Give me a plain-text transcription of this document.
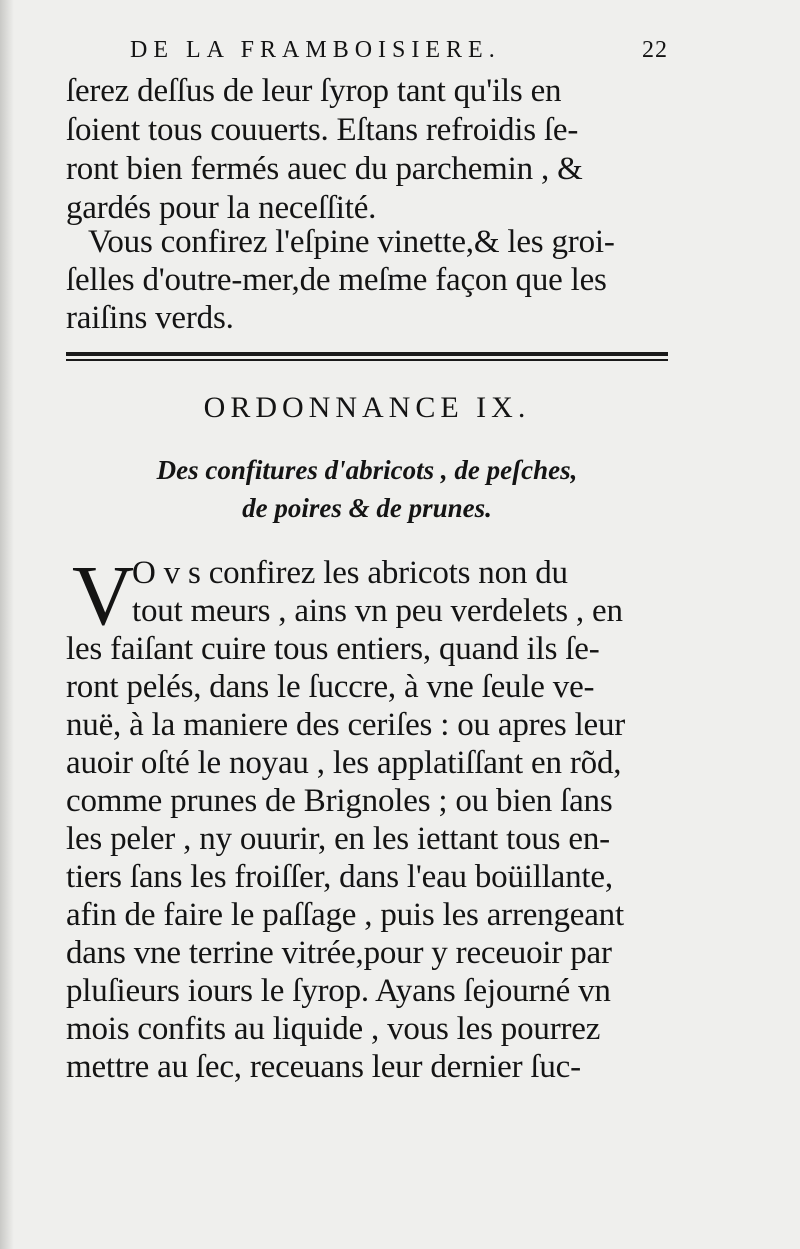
DE LA FRAMBOISIERE.	22
ſerez deſſus de leur ſyrop tant qu'ils en
ſoient tous couuerts. Eſtans refroidis ſe-
ront bien fermés auec du parchemin , &
gardés pour la neceſſité.
Vous confirez l'eſpine vinette,& les groi-
ſelles d'outre-mer,de meſme façon que les
raiſins verds.
ORDONNANCE IX.
Des confitures d'abricots , de peſches,
de poires & de prunes.
V
O v s confirez les abricots non du
tout meurs , ains vn peu verdelets , en
les faiſant cuire tous entiers, quand ils ſe-
ront pelés, dans le ſuccre, à vne ſeule ve-
nuë, à la maniere des ceriſes : ou apres leur
auoir oſté le noyau , les applatiſſant en rõd,
comme prunes de Brignoles ; ou bien ſans
les peler , ny ouurir, en les iettant tous en-
tiers ſans les froiſſer, dans l'eau boüillante,
afin de faire le paſſage , puis les arrengeant
dans vne terrine vitrée,pour y receuoir par
pluſieurs iours le ſyrop. Ayans ſejourné vn
mois confits au liquide , vous les pourrez
mettre au ſec, receuans leur dernier ſuc-
